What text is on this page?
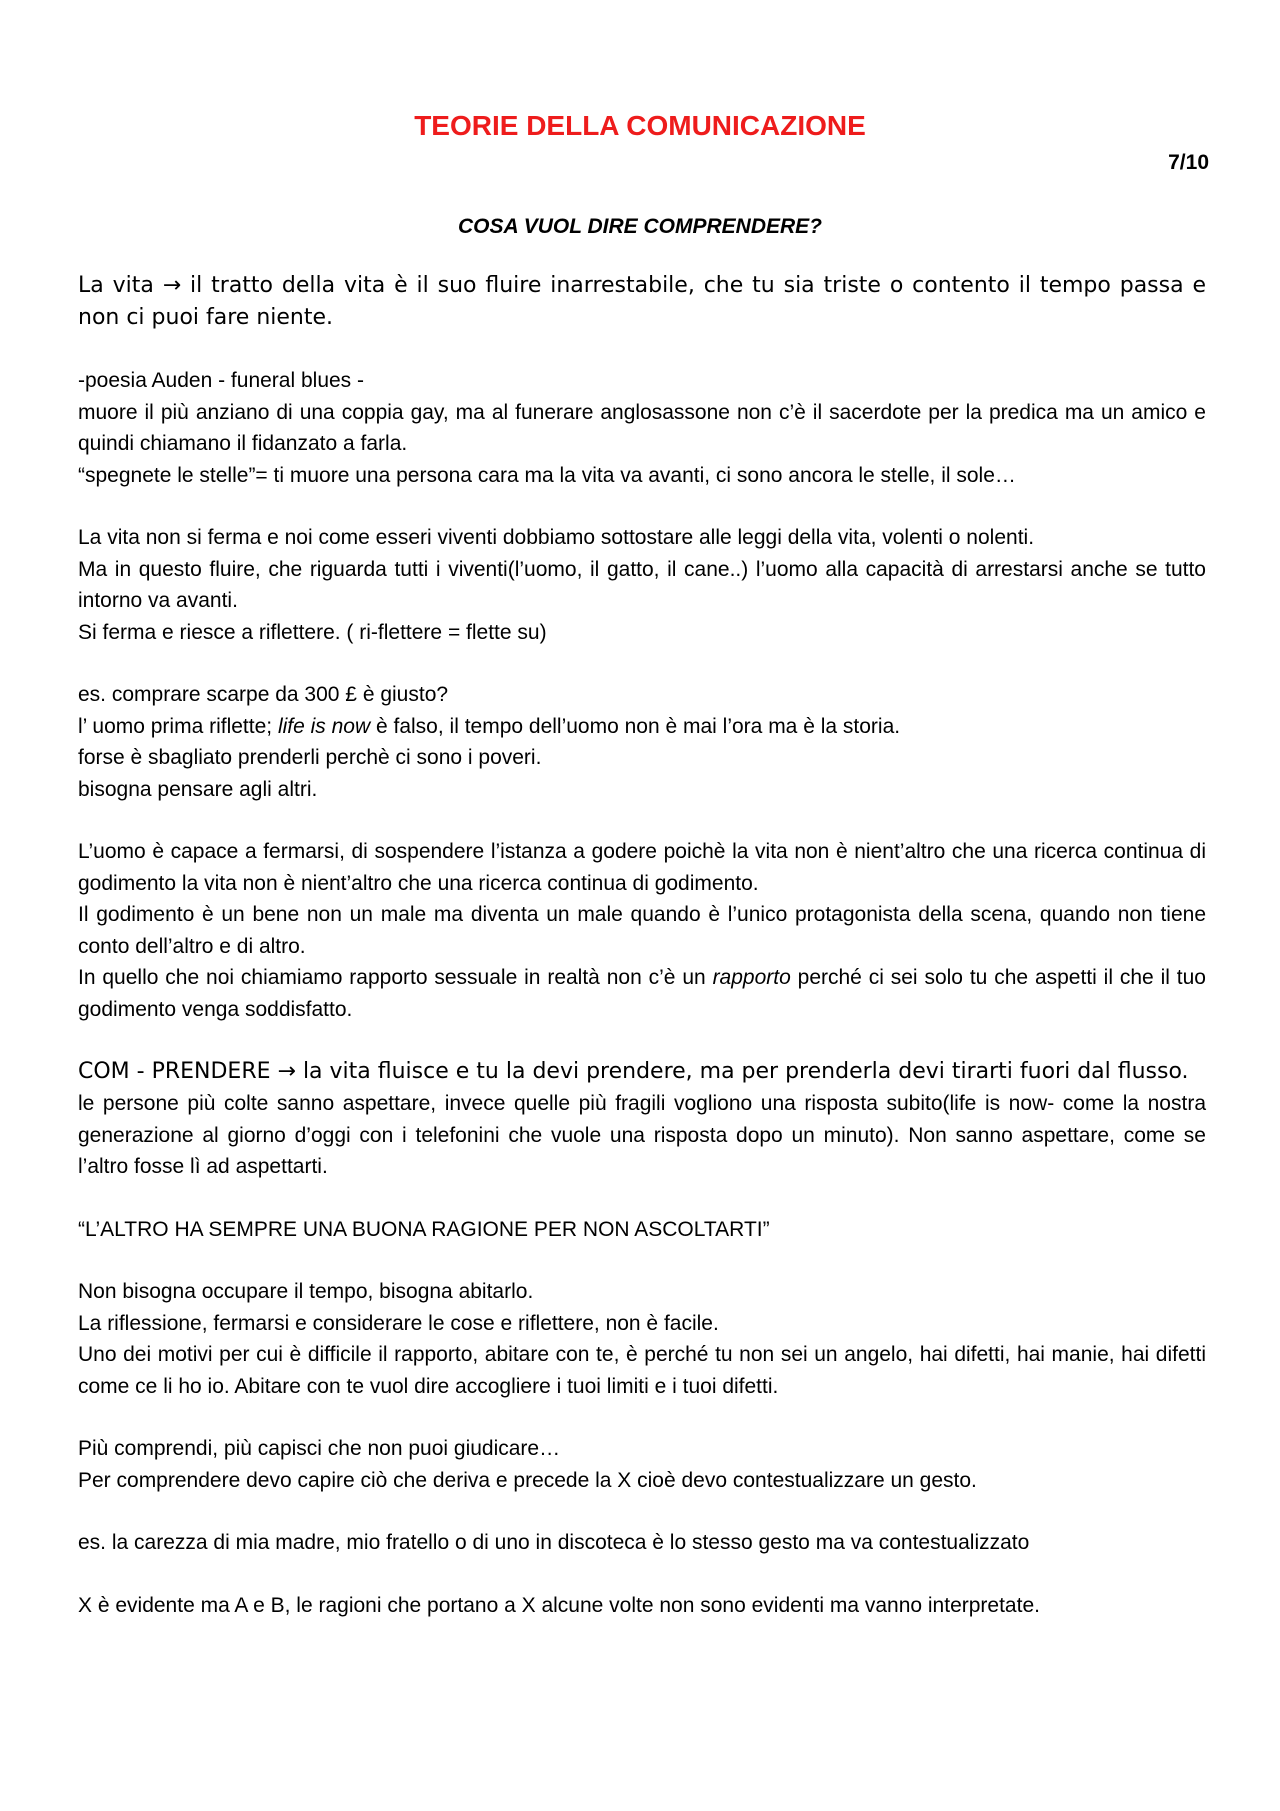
TEORIE DELLA COMUNICAZIONE
7/10
COSA VUOL DIRE COMPRENDERE?

La vita → il tratto della vita è il suo fluire inarrestabile, che tu sia triste o contento il tempo passa e non ci puoi fare niente.

-poesia Auden - funeral blues -

muore il più anziano di una coppia gay, ma al funerare anglosassone non c’è il sacerdote per la predica ma un amico e quindi chiamano il fidanzato a farla.

“spegnete le stelle”= ti muore una persona cara ma la vita va avanti, ci sono ancora le stelle, il sole…

La vita non si ferma e noi come esseri viventi dobbiamo sottostare alle leggi della vita, volenti o nolenti.

Ma in questo fluire, che riguarda tutti i viventi(l’uomo, il gatto, il cane..) l’uomo alla capacità di arrestarsi anche se tutto intorno va avanti.

Si ferma e riesce a riflettere. ( ri-flettere = flette su)

es. comprare scarpe da 300 £ è giusto?

l’ uomo prima riflette; life is now è falso, il tempo dell’uomo non è mai l’ora ma è la storia.

forse è sbagliato prenderli perchè ci sono i poveri.

bisogna pensare agli altri.

L’uomo è capace a fermarsi, di sospendere l’istanza a godere poichè la vita non è nient’altro che una ricerca continua di godimento la vita non è nient’altro che una ricerca continua di godimento.

Il godimento è un bene non un male ma diventa un male quando è l’unico protagonista della scena, quando non tiene conto dell’altro e di altro.

In quello che noi chiamiamo rapporto sessuale in realtà non c’è un rapporto perché ci sei solo tu che aspetti il che il tuo godimento venga soddisfatto.

COM - PRENDERE → la vita fluisce e tu la devi prendere, ma per prenderla devi tirarti fuori dal flusso.

le persone più colte sanno aspettare, invece quelle più fragili vogliono una risposta subito(life is now- come la nostra generazione al giorno d’oggi con i telefonini che vuole una risposta dopo un minuto). Non sanno aspettare, come se l’altro fosse lì ad aspettarti.

“L’ALTRO HA SEMPRE UNA BUONA RAGIONE PER NON ASCOLTARTI”

Non bisogna occupare il tempo, bisogna abitarlo.

La riflessione, fermarsi e considerare le cose e riflettere, non è facile.

Uno dei motivi per cui è difficile il rapporto, abitare con te, è perché tu non sei un angelo, hai difetti, hai manie, hai difetti come ce li ho io. Abitare con te vuol dire accogliere i tuoi limiti e i tuoi difetti.

Più comprendi, più capisci che non puoi giudicare…

Per comprendere devo capire ciò che deriva e precede la X cioè devo contestualizzare un gesto.

es. la carezza di mia madre, mio fratello o di uno in discoteca è lo stesso gesto ma va contestualizzato

X è evidente ma A e B, le ragioni che portano a X alcune volte non sono evidenti ma vanno interpretate.
